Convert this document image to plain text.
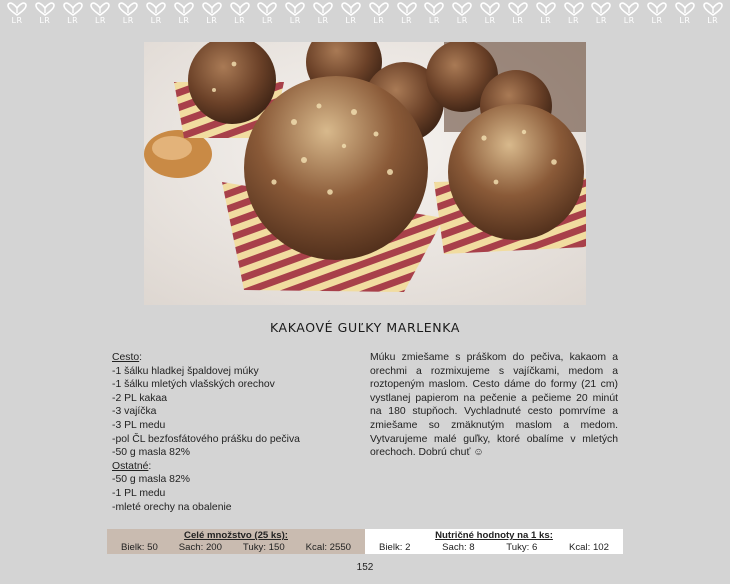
LR LR LR LR LR LR LR LR LR LR LR LR LR LR LR LR LR LR LR LR LR LR LR LR LR LR
KAKAOVÉ GUĽKY MARLENKA
Cesto:
-1 šálku hladkej špaldovej múky
-1 šálku mletých vlašských orechov
-2 PL kakaa
-3 vajíčka
-3 PL medu
-pol ČL bezfosfátového prášku do pečiva
-50 g masla 82%
Ostatné:
-50 g masla 82%
-1 PL medu
-mleté orechy na obalenie
Múku zmiešame s práškom do pečiva, kakaom a orechmi a rozmixujeme s vajíčkami, medom a roztopeným maslom. Cesto dáme do formy (21 cm) vystlanej papierom na pečenie a pečieme 20 minút na 180 stupňoch. Vychladnuté cesto pomrvíme a zmiešame so zmäknutým maslom a medom. Vytvarujeme malé guľky, ktoré obalíme v mletých orechoch. Dobrú chuť ☺
Celé množstvo (25 ks):
Bielk: 50 Sach: 200 Tuky: 150 Kcal: 2550
Nutričné hodnoty na 1 ks:
Bielk: 2	Sach: 8	Tuky: 6	Kcal: 102
152
